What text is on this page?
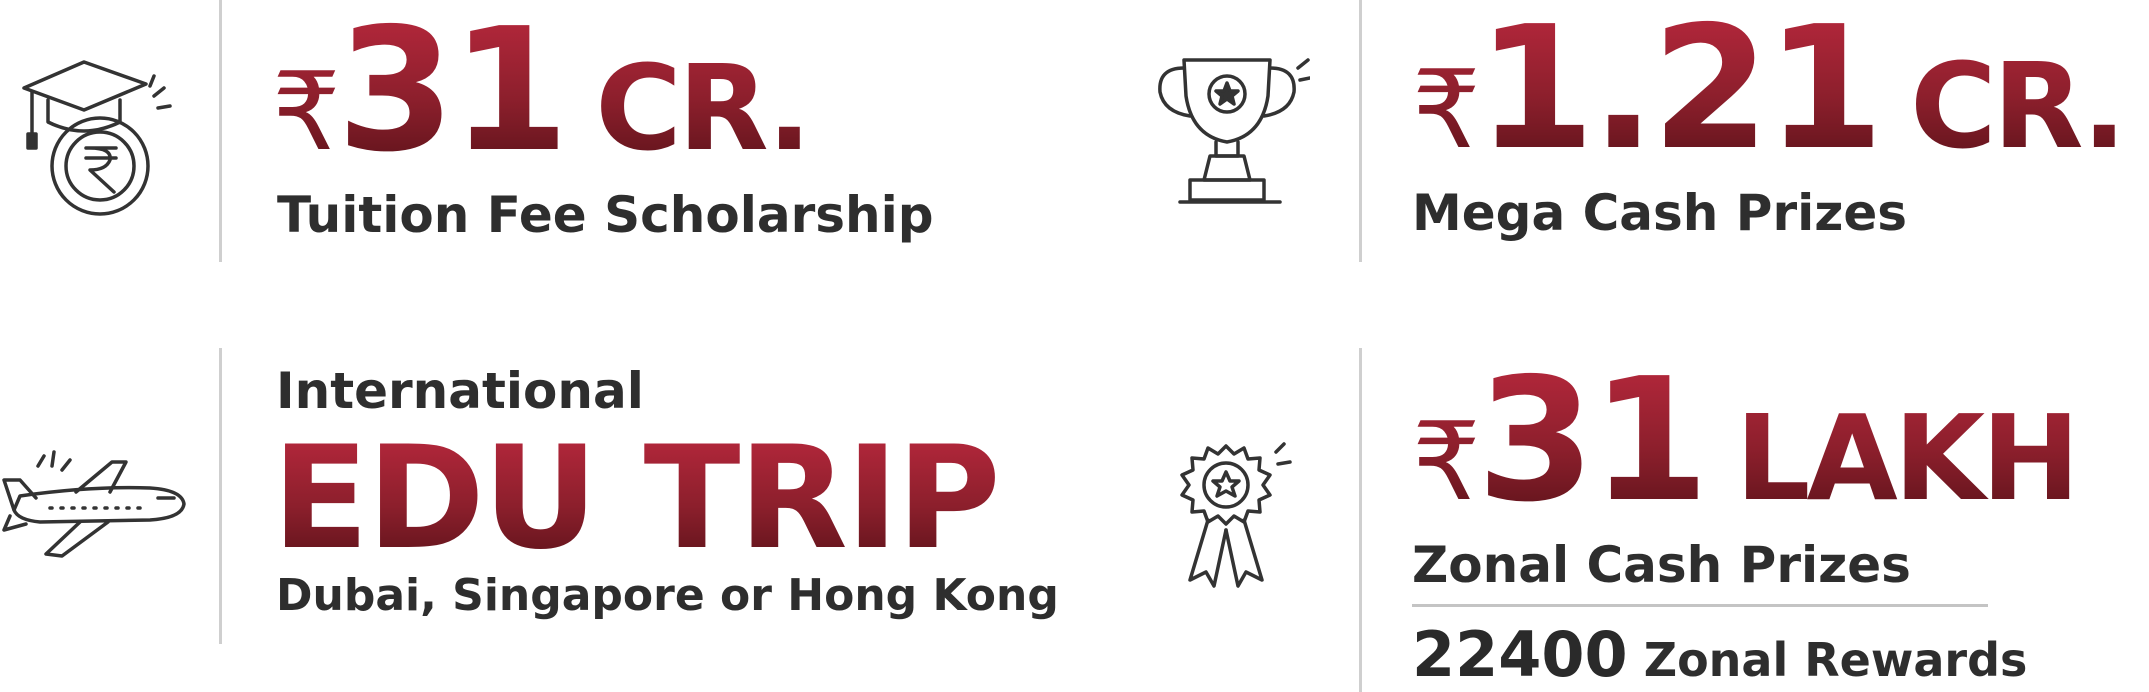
₹31 CR.
Tuition Fee Scholarship
₹1.21 CR.
Mega Cash Prizes
International
EDU TRIP
Dubai, Singapore or Hong Kong
₹31 LAKH
Zonal Cash Prizes
22400 Zonal Rewards
